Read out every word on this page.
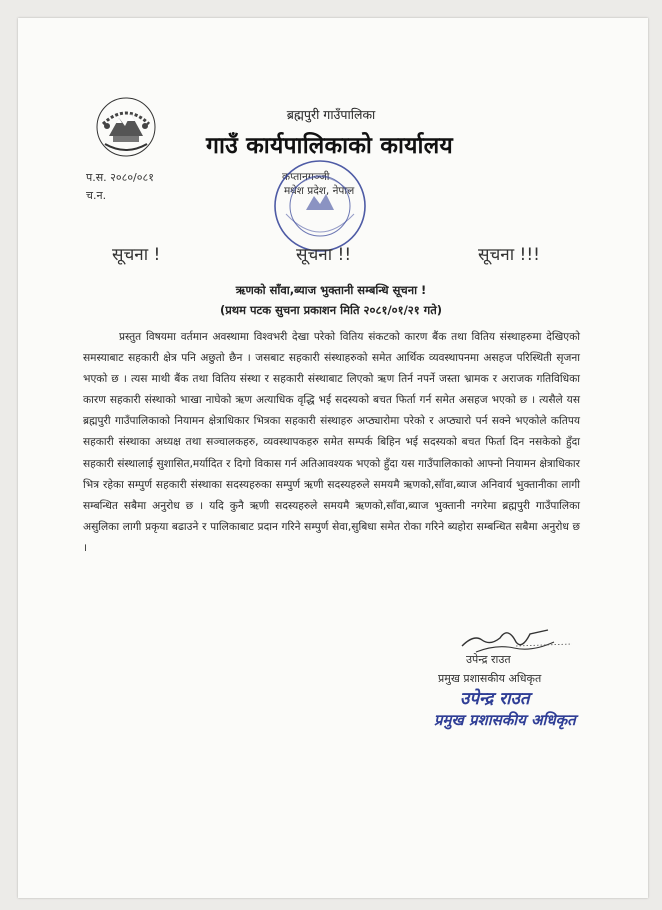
ब्रह्मपुरी गाउँपालिका
गाउँ कार्यपालिकाको कार्यालय
प.स. २०८०/०८१
च.न.
कप्तानगञ्जी
मधेश प्रदेश, नेपाल
सूचना !	सूचना !!	सूचना !!!
ऋणको साँवा,ब्याज भुक्तानी सम्बन्धि सूचना !
(प्रथम पटक सुचना प्रकाशन मिति २०८१/०१/२१ गते)

प्रस्तुत विषयमा वर्तमान अवस्थामा विश्वभरी देखा परेको वितिय संकटको कारण बैंक तथा वितिय संस्थाहरुमा देखिएको समस्याबाट सहकारी क्षेत्र पनि अछुतो छैन । जसबाट सहकारी संस्थाहरुको समेत आर्थिक व्यवस्थापनमा असहज परिस्थिती सृजना भएको छ । त्यस माथी बैंक तथा वितिय संस्था र सहकारी संस्थाबाट लिएको ऋण तिर्न नपर्ने जस्ता भ्रामक र अराजक गतिविधिका कारण सहकारी संस्थाको भाखा नाघेको ऋण अत्याधिक वृद्धि भई सदस्यको बचत फिर्ता गर्न समेत असहज भएको छ । त्यसैले यस ब्रह्मपुरी गाउँपालिकाको नियामन क्षेत्राधिकार भित्रका सहकारी संस्थाहरु अप्ठ्यारोमा परेको र अप्ठ्यारो पर्न सक्ने भएकोले कतिपय सहकारी संस्थाका अध्यक्ष तथा सञ्चालकहरु, व्यवस्थापकहरु समेत सम्पर्क बिहिन भई सदस्यको बचत फिर्ता दिन नसकेको हुँदा सहकारी संस्थालाई सुशासित,मर्यादित र दिगो विकास गर्न अतिआवश्यक भएको हुँदा यस गाउँपालिकाको आफ्नो नियामन क्षेत्राधिकार भित्र रहेका सम्पुर्ण सहकारी संस्थाका सदस्यहरुका सम्पुर्ण ऋणी सदस्यहरुले समयमै ऋणको,साँवा,ब्याज अनिवार्य भुक्तानीका लागी सम्बन्धित सबैमा अनुरोध छ । यदि कुनै ऋणी सदस्यहरुले समयमै ऋणको,साँवा,ब्याज भुक्तानी नगरेमा ब्रह्मपुरी गाउँपालिका असुलिका लागी प्रकृया बढाउने र पालिकाबाट प्रदान गरिने सम्पुर्ण सेवा,सुबिधा समेत रोका गरिने ब्यहोरा सम्बन्धित सबैमा अनुरोध छ ।

उपेन्द्र राउत
प्रमुख प्रशासकीय अधिकृत
उपेन्द्र राउत
प्रमुख प्रशासकीय अधिकृत
